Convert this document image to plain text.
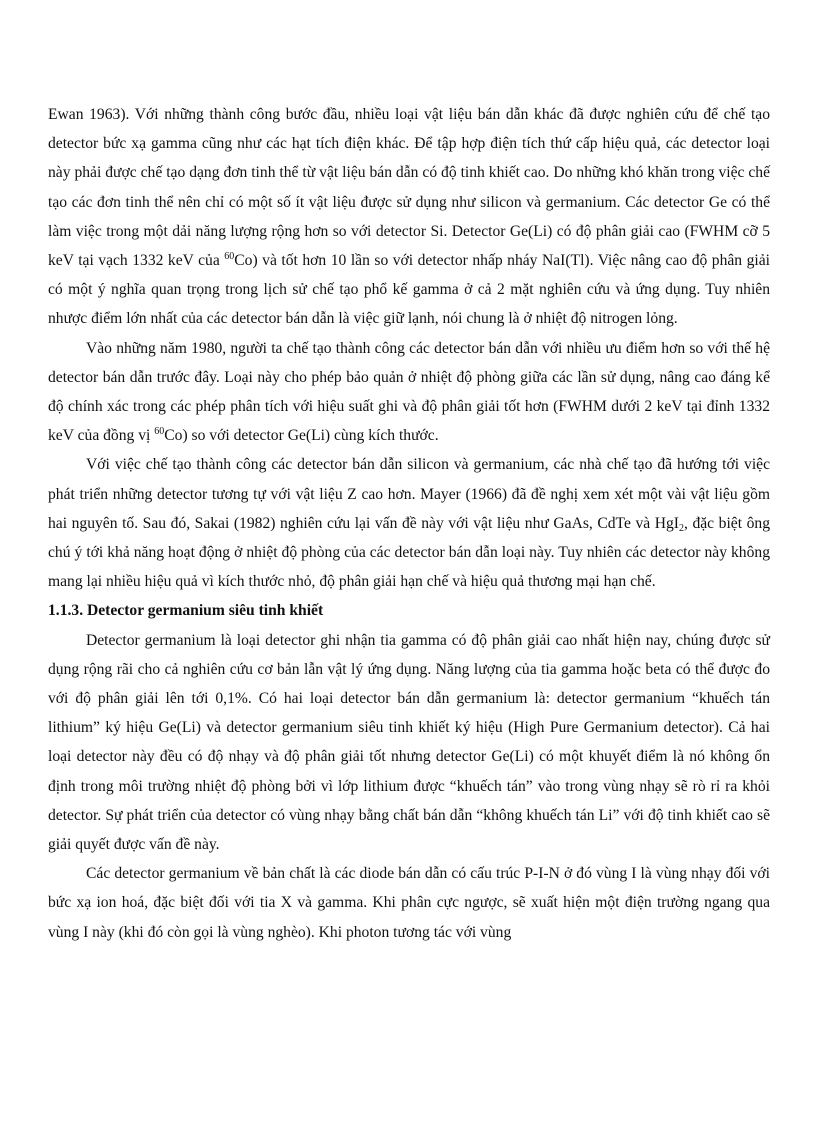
Ewan 1963). Với những thành công bước đầu, nhiều loại vật liệu bán dẫn khác đã được nghiên cứu để chế tạo detector bức xạ gamma cũng như các hạt tích điện khác. Để tập hợp điện tích thứ cấp hiệu quả, các detector loại này phải được chế tạo dạng đơn tinh thể từ vật liệu bán dẫn có độ tinh khiết cao. Do những khó khăn trong việc chế tạo các đơn tinh thể nên chỉ có một số ít vật liệu được sử dụng như silicon và germanium. Các detector Ge có thể làm việc trong một dải năng lượng rộng hơn so với detector Si. Detector Ge(Li) có độ phân giải cao (FWHM cỡ 5 keV tại vạch 1332 keV của $^{60}$Co) và tốt hơn 10 lần so với detector nhấp nháy NaI(Tl). Việc nâng cao độ phân giải có một ý nghĩa quan trọng trong lịch sử chế tạo phổ kế gamma ở cả 2 mặt nghiên cứu và ứng dụng. Tuy nhiên nhược điểm lớn nhất của các detector bán dẫn là việc giữ lạnh, nói chung là ở nhiệt độ nitrogen lỏng.

Vào những năm 1980, người ta chế tạo thành công các detector bán dẫn với nhiều ưu điểm hơn so với thế hệ detector bán dẫn trước đây. Loại này cho phép bảo quản ở nhiệt độ phòng giữa các lần sử dụng, nâng cao đáng kể độ chính xác trong các phép phân tích với hiệu suất ghi và độ phân giải tốt hơn (FWHM dưới 2 keV tại đỉnh 1332 keV của đồng vị $^{60}$Co) so với detector Ge(Li) cùng kích thước.

Với việc chế tạo thành công các detector bán dẫn silicon và germanium, các nhà chế tạo đã hướng tới việc phát triển những detector tương tự với vật liệu Z cao hơn. Mayer (1966) đã đề nghị xem xét một vài vật liệu gồm hai nguyên tố. Sau đó, Sakai (1982) nghiên cứu lại vấn đề này với vật liệu như GaAs, CdTe và HgI$_2$, đặc biệt ông chú ý tới khả năng hoạt động ở nhiệt độ phòng của các detector bán dẫn loại này. Tuy nhiên các detector này không mang lại nhiều hiệu quả vì kích thước nhỏ, độ phân giải hạn chế và hiệu quả thương mại hạn chế.

1.1.3. Detector germanium siêu tinh khiết

Detector germanium là loại detector ghi nhận tia gamma có độ phân giải cao nhất hiện nay, chúng được sử dụng rộng rãi cho cả nghiên cứu cơ bản lẫn vật lý ứng dụng. Năng lượng của tia gamma hoặc beta có thể được đo với độ phân giải lên tới 0,1%. Có hai loại detector bán dẫn germanium là: detector germanium “khuếch tán lithium” ký hiệu Ge(Li) và detector germanium siêu tinh khiết ký hiệu (High Pure Germanium detector). Cả hai loại detector này đều có độ nhạy và độ phân giải tốt nhưng detector Ge(Li) có một khuyết điểm là nó không ổn định trong môi trường nhiệt độ phòng bởi vì lớp lithium được “khuếch tán” vào trong vùng nhạy sẽ rò rỉ ra khỏi detector. Sự phát triển của detector có vùng nhạy bằng chất bán dẫn “không khuếch tán Li” với độ tinh khiết cao sẽ giải quyết được vấn đề này.

Các detector germanium về bản chất là các diode bán dẫn có cấu trúc P-I-N ở đó vùng I là vùng nhạy đối với bức xạ ion hoá, đặc biệt đối với tia X và gamma. Khi phân cực ngược, sẽ xuất hiện một điện trường ngang qua vùng I này (khi đó còn gọi là vùng nghèo). Khi photon tương tác với vùng
